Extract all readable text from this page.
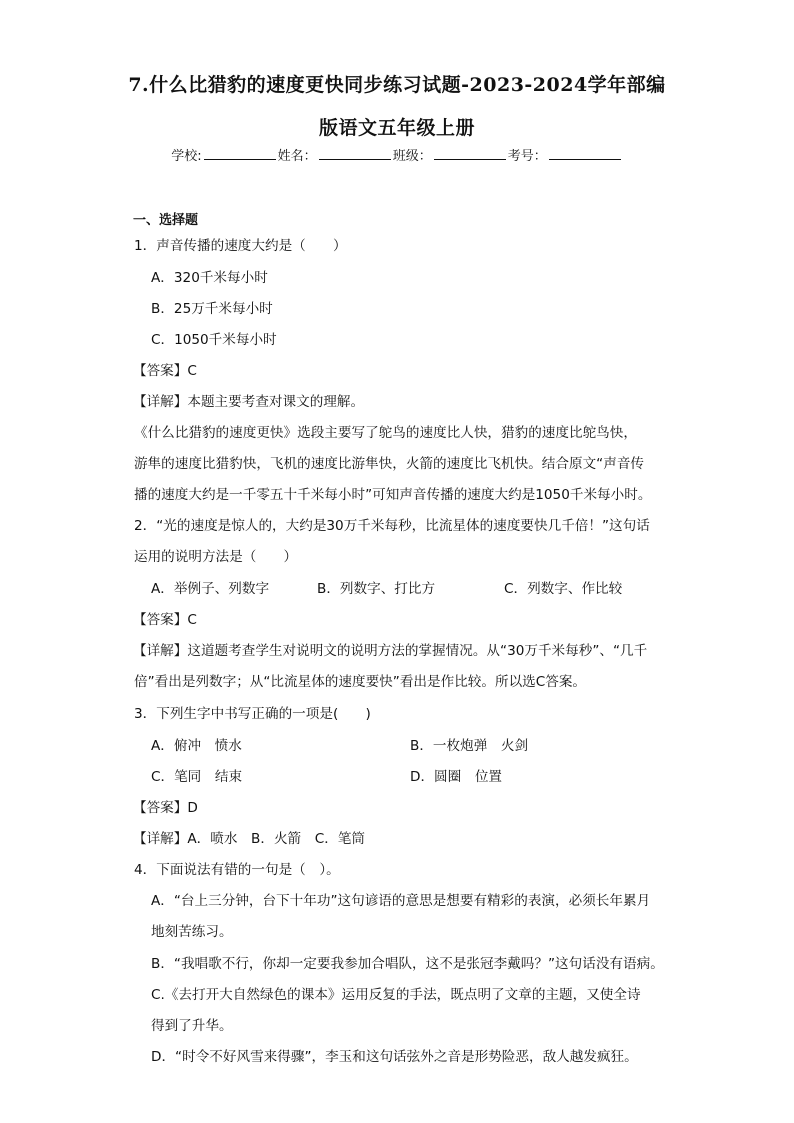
7.什么比猎豹的速度更快同步练习试题-2023-2024学年部编
版语文五年级上册
学校:	姓名：	班级：	考号：
一、选择题
1．声音传播的速度大约是（　　）
A．320千米每小时
B．25万千米每小时
C．1050千米每小时
【答案】C
【详解】本题主要考查对课文的理解。
《什么比猎豹的速度更快》选段主要写了鸵鸟的速度比人快，猎豹的速度比鸵鸟快，
游隼的速度比猎豹快，飞机的速度比游隼快，火箭的速度比飞机快。结合原文“声音传
播的速度大约是一千零五十千米每小时”可知声音传播的速度大约是1050千米每小时。
2．“光的速度是惊人的，大约是30万千米每秒，比流星体的速度要快几千倍！”这句话
运用的说明方法是（　　）
A．举例子、列数字	B．列数字、打比方	C．列数字、作比较
【答案】C
【详解】这道题考查学生对说明文的说明方法的掌握情况。从“30万千米每秒”、“几千
倍”看出是列数字；从“比流星体的速度要快”看出是作比较。所以选C答案。
3．下列生字中书写正确的一项是(　　)
A．俯冲　愤水	B．一枚炮弹　火剑
C．笔同　结束	D．圆圈　位置
【答案】D
【详解】A．喷水　B．火箭　C．笔筒
4．下面说法有错的一句是（　）。
A．“台上三分钟，台下十年功”这句谚语的意思是想要有精彩的表演，必须长年累月
地刻苦练习。
B．“我唱歌不行，你却一定要我参加合唱队，这不是张冠李戴吗？”这句话没有语病。
C.《去打开大自然绿色的课本》运用反复的手法，既点明了文章的主题，又使全诗
得到了升华。
D．“时令不好风雪来得骤”，李玉和这句话弦外之音是形势险恶，敌人越发疯狂。
